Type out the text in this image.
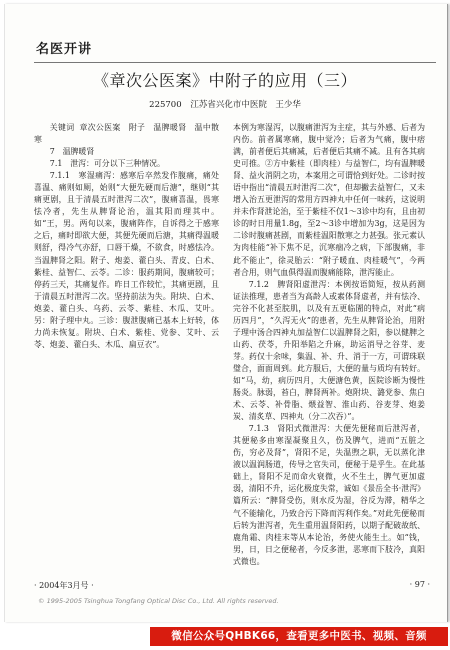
名医开讲
《章次公医案》中附子的应用（三）
225700 江苏省兴化市中医院　王少华

关键词 章次公医案　附子　温脾暖肾　温中散寒

7　温脾暖肾

7.1　泄泻：可分以下三种情况。

7.1.1　寒湿痛泻：感寒后卒然发作腹痛，痛处喜温、痛则如厕，始则“大便先硬而后溏”，继则“其痛更剧，且于清晨五时泄泻二次”，腹痛喜温，畏寒怯冷者，先生从脾肾论治，温其阳而理其中。如“王，男。两旬以来，腹痛阵作，自诉得之于感寒之后，痛时即欲大便，其便先硬而后溏，其痛得温暖则舒，得冷气亦舒，口唇干燥，不欲食，时感怯冷。当温脾肾之阳。附子、炮姜、藿白头、青皮、白术、紫桂、益智仁、云苓。二诊：服药期间，腹痛较可；停药三天，其痛复作。昨日工作较忙，其痛更剧，且于清晨五时泄泻二次。坚持前法为失。附块、白术、炮姜、藿白头、乌药、云苓、紫桂、木瓜、艾叶。另：附子理中丸。三诊：腹泄腹痛已基本上好转，体力尚未恢复。附块、白术、紫桂、党参、艾叶、云苓、炮姜、藿白头、木瓜、扁豆衣”。

本例为寒湿泻，以腹痛泄泻为主症，其与外感、后者为内伤。前者属寒痛，腹中觉冷；后者为气痛，腹中痞满，前者便后其痛减，后者便后其痛不减。且有各其病史可推。②方中紫桂（即肉桂）与益智仁，均有温脾暖肾、益火消阴之功，本案用之可谓恰到好处。二诊时按语中指出“清晨五时泄泻二次”，但却撇去益智仁，又未增入治五更泄泻的常用方四神丸中任何一味药，这说明并未作肾泄论治，至于紫桂不仅1～3诊中均有，且由初诊的时日用量1.8g，至2～3诊中增加为3g，这是因为二诊时腹痛甚剧，而紫桂温阳散寒之力甚强。张元素认为肉桂能“补下焦不足，沉寒痼冷之病，下部腹痛，非此不能止”，徐灵胎云：“附子暖血、肉桂暖气”，今两者合用，则气血俱得温而腹痛能除，泄泻能止。

7.1.2　脾肾阳虚泄泻：本例按语简短，按从药测证法推理，患者当为高龄人或素体肾虚者，并有怯冷、完谷不化甚至脘肌，以及有五更临圊的特点，对此“病历四月”，“久泻无火”的患者，先生从脾肾论治，用附子理中汤合四神丸加益智仁以温脾肾之阳，参以健脾之山药、茯苓，升阳举陷之升麻，助运消导之谷芽、麦芽。药仅十余味，集温、补、升、消于一方，可谓珠联璧合，面面周到。此方服后，大便的量与质均有转好。如“马，幼，病历四月，大便溏色黄，医院诊断为慢性肠炎。脉弱，苔白，脾肾两补。炮附块、潞党参、焦白术、云苓、补骨脂、煨益智、淮山药、谷麦芽、炮姜炭、清炙草、四神丸（分二次吞）”。

7.1.3　肾阳式微泄泻：大便先便秘而后泄泻者，其便秘多由寒湿凝聚且久，伤及脾气，进而“五脏之伤，穷必及肾”，肾阳不足，失温煦之职，无以蒸化津液以温润肠道，传导之官失司，便秘于是乎生。在此基础上，肾阳不足而命火衰微，火不生土，脾气更加虚弱，清阳不升，运化极度失常，诚如《景岳全书·泄泻》篇所云：“脾肾受伤，则水反为湿，谷反为滞，精华之气不能输化，乃致合污下降而泻利作矣。”对此先便秘而后转为泄泻者，先生重用温肾阳药，以期子配破故纸、鹿角霜、肉桂末等从本论治，务使火能生土。如“钱，男，日，日之便秘者，今反多泄，恶寒而下肢冷，真阳式微也。

· 2004年3月号 ·	· 97 ·
© 1995-2005 Tsinghua Tongfang Optical Disc Co., Ltd. All rights reserved.
微信公众号QHBK66，查看更多中医书、视频、音频
